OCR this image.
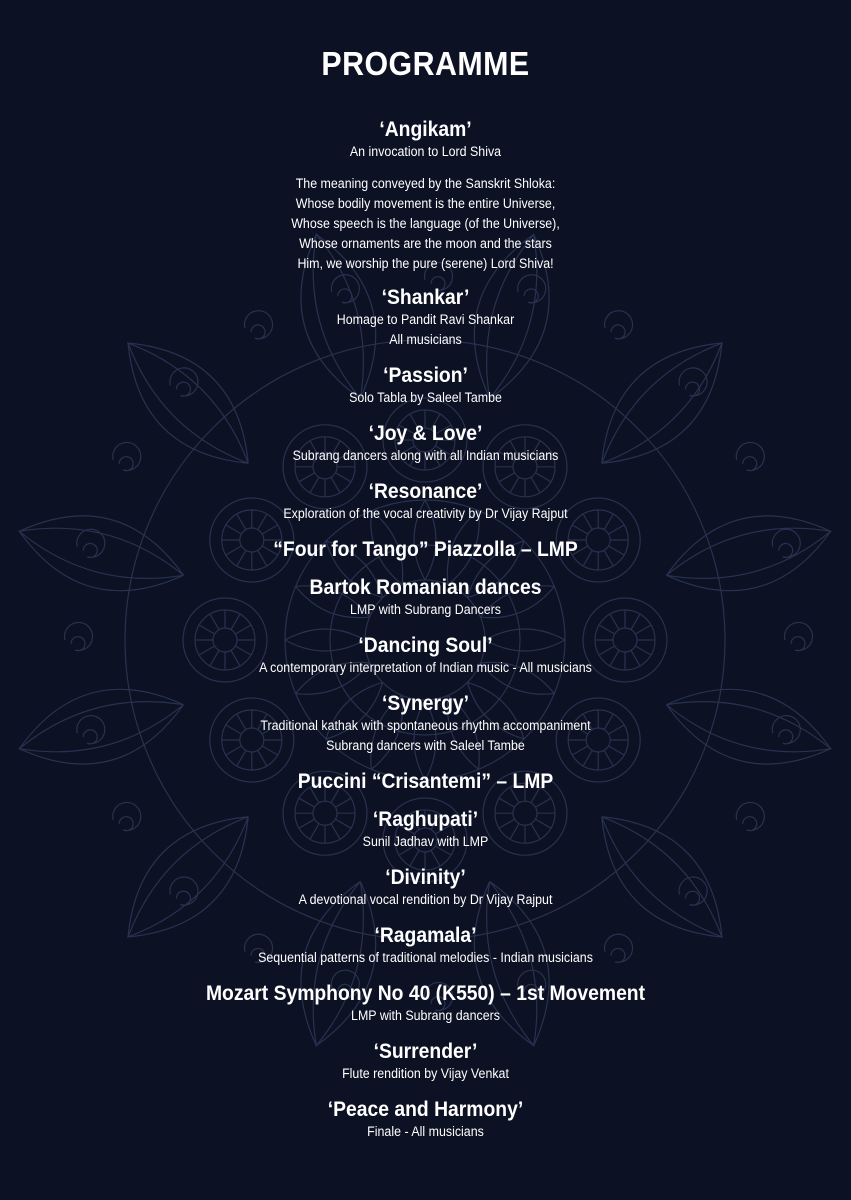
PROGRAMME
‘Angikam’
An invocation to Lord Shiva
The meaning conveyed by the Sanskrit Shloka:
Whose bodily movement is the entire Universe,
Whose speech is the language (of the Universe),
Whose ornaments are the moon and the stars
Him, we worship the pure (serene) Lord Shiva!
‘Shankar’
Homage to Pandit Ravi Shankar
All musicians
‘Passion’
Solo Tabla by Saleel Tambe
‘Joy & Love’
Subrang dancers along with all Indian musicians
‘Resonance’
Exploration of the vocal creativity by Dr Vijay Rajput
“Four for Tango” Piazzolla – LMP
Bartok Romanian dances
LMP with Subrang Dancers
‘Dancing Soul’
A contemporary interpretation of Indian music - All musicians
‘Synergy’
Traditional kathak with spontaneous rhythm accompaniment
Subrang dancers with Saleel Tambe
Puccini “Crisantemi” – LMP
‘Raghupati’
Sunil Jadhav with LMP
‘Divinity’
A devotional vocal rendition by Dr Vijay Rajput
‘Ragamala’
Sequential patterns of traditional melodies - Indian musicians
Mozart Symphony No 40 (K550) – 1st Movement
LMP with Subrang dancers
‘Surrender’
Flute rendition by Vijay Venkat
‘Peace and Harmony’
Finale - All musicians
